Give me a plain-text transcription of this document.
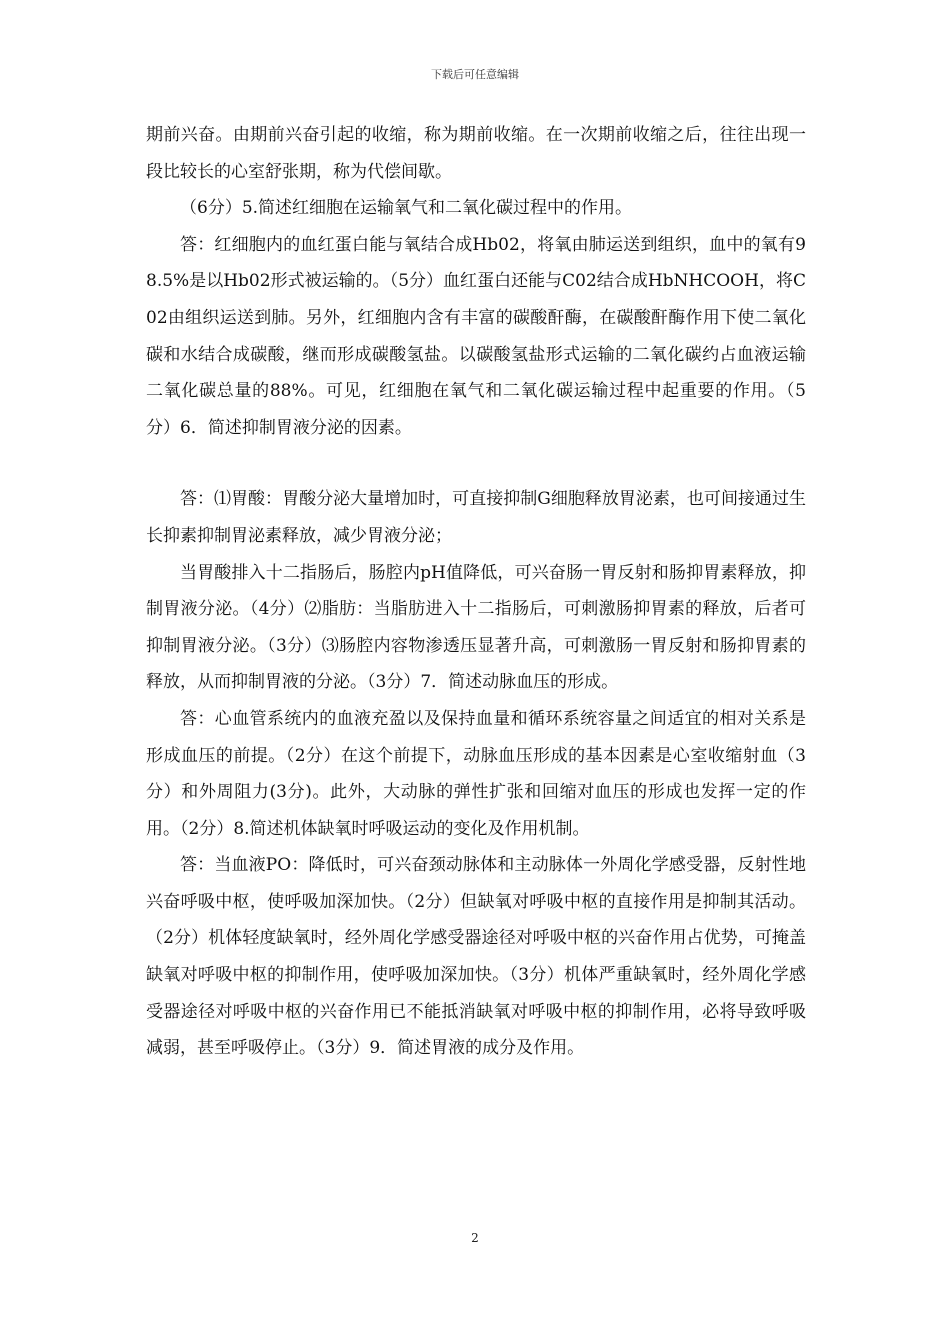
下载后可任意编辑

期前兴奋。由期前兴奋引起的收缩，称为期前收缩。在一次期前收缩之后，往往出现一段比较长的心室舒张期，称为代偿间歇。

（6分）5.简述红细胞在运输氧气和二氧化碳过程中的作用。

答：红细胞内的血红蛋白能与氧结合成Hb02，将氧由肺运送到组织，血中的氧有98.5%是以Hb02形式被运输的。（5分）血红蛋白还能与C02结合成HbNHCOOH，将C02由组织运送到肺。另外，红细胞内含有丰富的碳酸酐酶，在碳酸酐酶作用下使二氧化碳和水结合成碳酸，继而形成碳酸氢盐。以碳酸氢盐形式运输的二氧化碳约占血液运输二氧化碳总量的88%。可见，红细胞在氧气和二氧化碳运输过程中起重要的作用。（5分）6．简述抑制胃液分泌的因素。

答：⑴胃酸：胃酸分泌大量增加时，可直接抑制G细胞释放胃泌素，也可间接通过生长抑素抑制胃泌素释放，减少胃液分泌；

当胃酸排入十二指肠后，肠腔内pH值降低，可兴奋肠一胃反射和肠抑胃素释放，抑制胃液分泌。（4分）⑵脂肪：当脂肪进入十二指肠后，可刺激肠抑胃素的释放，后者可抑制胃液分泌。（3分）⑶肠腔内容物渗透压显著升高，可刺激肠一胃反射和肠抑胃素的释放，从而抑制胃液的分泌。（3分）7．简述动脉血压的形成。

答：心血管系统内的血液充盈以及保持血量和循环系统容量之间适宜的相对关系是形成血压的前提。（2分）在这个前提下，动脉血压形成的基本因素是心室收缩射血（3分）和外周阻力(3分)。此外，大动脉的弹性扩张和回缩对血压的形成也发挥一定的作用。（2分）8.简述机体缺氧时呼吸运动的变化及作用机制。

答：当血液PO：降低时，可兴奋颈动脉体和主动脉体一外周化学感受器，反射性地兴奋呼吸中枢，使呼吸加深加快。（2分）但缺氧对呼吸中枢的直接作用是抑制其活动。（2分）机体轻度缺氧时，经外周化学感受器途径对呼吸中枢的兴奋作用占优势，可掩盖缺氧对呼吸中枢的抑制作用，使呼吸加深加快。（3分）机体严重缺氧时，经外周化学感受器途径对呼吸中枢的兴奋作用已不能抵消缺氧对呼吸中枢的抑制作用，必将导致呼吸减弱，甚至呼吸停止。（3分）9．简述胃液的成分及作用。

2
